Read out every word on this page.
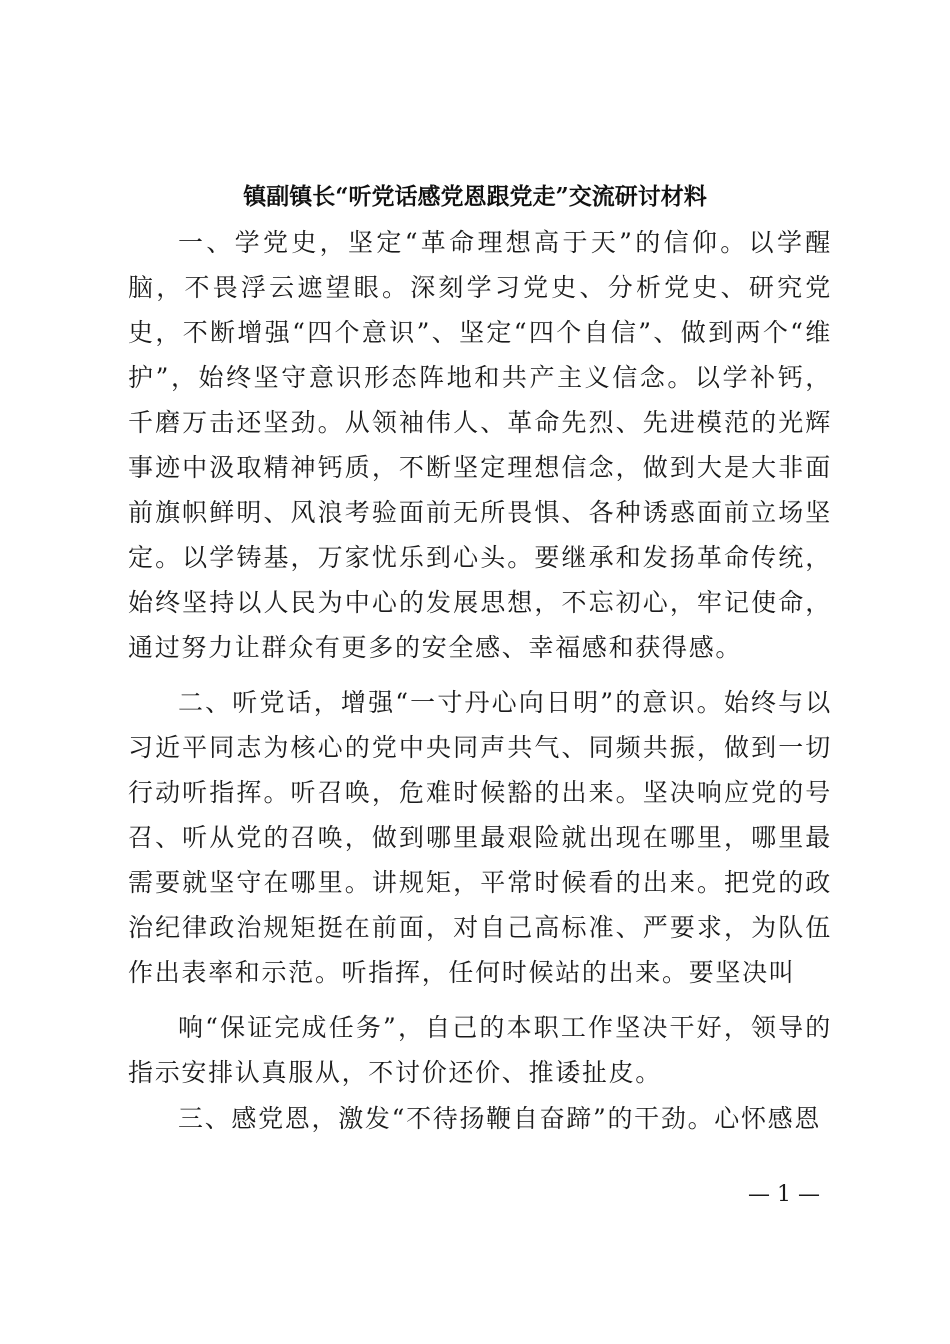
镇副镇长“听党话感党恩跟党走”交流研讨材料

一、学党史，坚定“革命理想高于天”的信仰。以学醒脑，不畏浮云遮望眼。深刻学习党史、分析党史、研究党史，不断增强“四个意识”、坚定“四个自信”、做到两个“维护”，始终坚守意识形态阵地和共产主义信念。以学补钙，千磨万击还坚劲。从领袖伟人、革命先烈、先进模范的光辉事迹中汲取精神钙质，不断坚定理想信念，做到大是大非面前旗帜鲜明、风浪考验面前无所畏惧、各种诱惑面前立场坚定。以学铸基，万家忧乐到心头。要继承和发扬革命传统，始终坚持以人民为中心的发展思想，不忘初心，牢记使命，通过努力让群众有更多的安全感、幸福感和获得感。

二、听党话，增强“一寸丹心向日明”的意识。始终与以习近平同志为核心的党中央同声共气、同频共振，做到一切行动听指挥。听召唤，危难时候豁的出来。坚决响应党的号召、听从党的召唤，做到哪里最艰险就出现在哪里，哪里最需要就坚守在哪里。讲规矩，平常时候看的出来。把党的政治纪律政治规矩挺在前面，对自己高标准、严要求，为队伍作出表率和示范。听指挥，任何时候站的出来。要坚决叫

响“保证完成任务”，自己的本职工作坚决干好，领导的指示安排认真服从，不讨价还价、推诿扯皮。

三、感党恩，激发“不待扬鞭自奋蹄”的干劲。心怀感恩

— 1 —
